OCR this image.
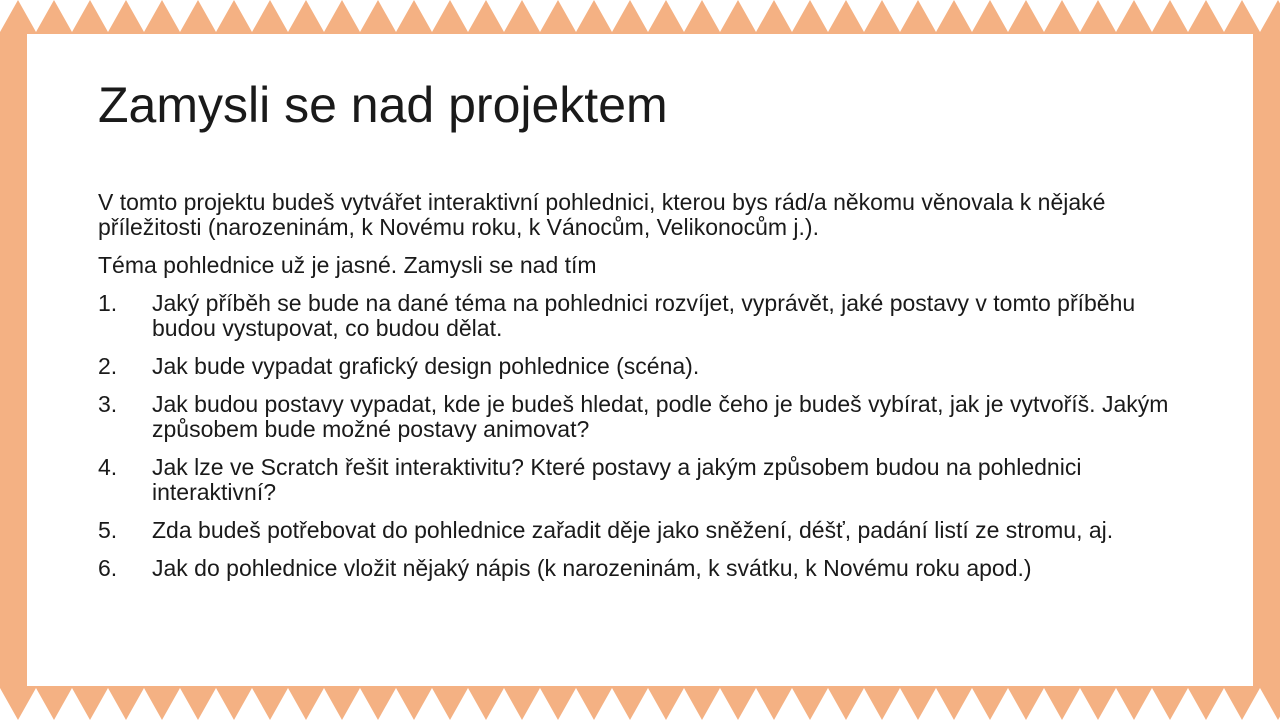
Zamysli se nad projektem

V tomto projektu budeš vytvářet interaktivní pohlednici, kterou bys rád/a někomu věnovala k nějaké příležitosti (narozeninám, k Novému roku, k Vánocům, Velikonocům j.).

Téma pohlednice už je jasné. Zamysli se nad tím

1.	Jaký příběh se bude na dané téma na pohlednici rozvíjet, vyprávět, jaké postavy v tomto příběhu budou vystupovat, co budou dělat.
2.	Jak bude vypadat grafický design pohlednice (scéna).
3.	Jak budou postavy vypadat, kde je budeš hledat, podle čeho je budeš vybírat, jak je vytvoříš. Jakým způsobem bude možné postavy animovat?
4.	Jak lze ve Scratch řešit interaktivitu? Které postavy a jakým způsobem budou na pohlednici interaktivní?
5.	Zda budeš potřebovat do pohlednice zařadit děje jako sněžení, déšť, padání listí ze stromu, aj.
6.	Jak do pohlednice vložit nějaký nápis (k narozeninám, k svátku, k Novému roku apod.)
